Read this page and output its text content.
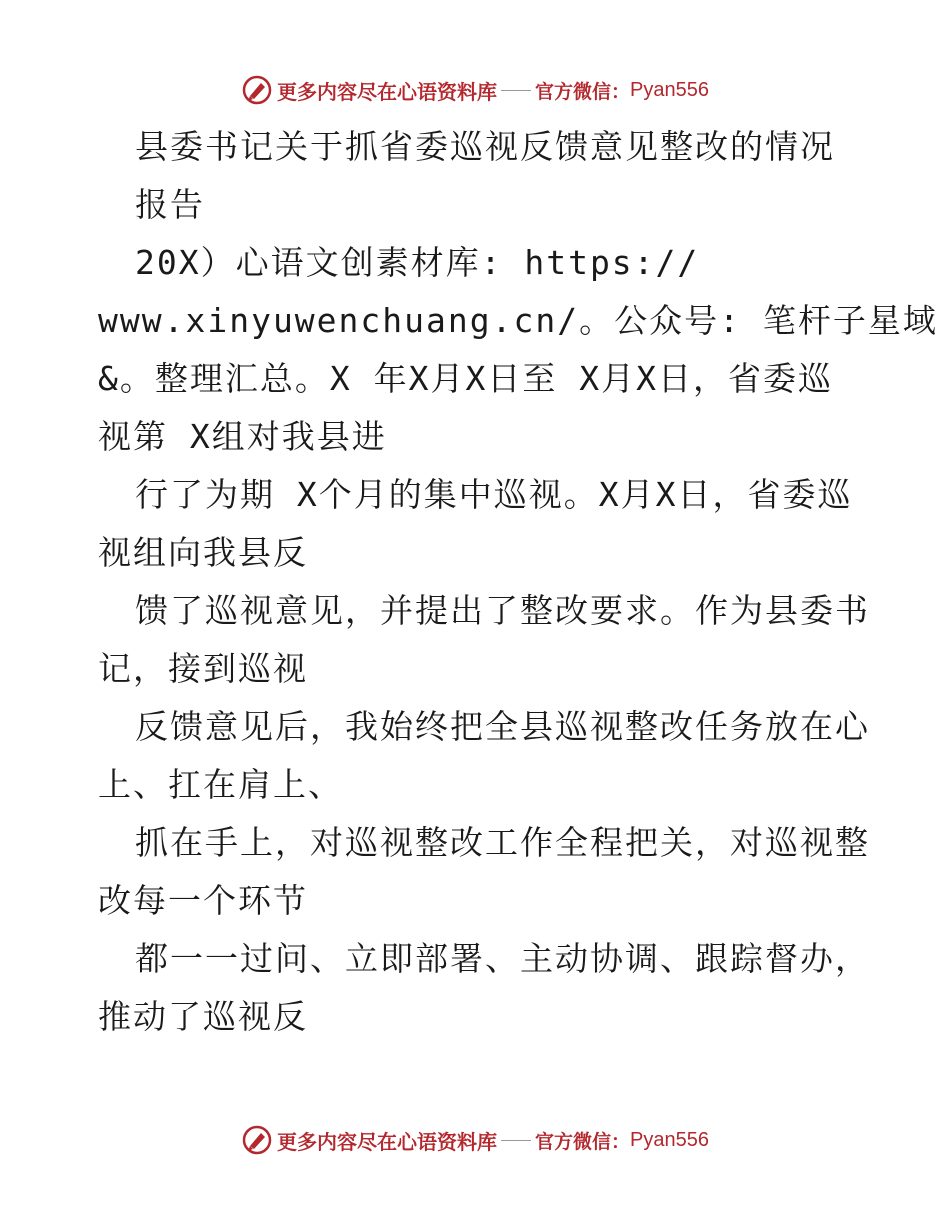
更多内容尽在心语资料库 官方微信： Pyan556
县委书记关于抓省委巡视反馈意见整改的情况
报告
20X）心语文创素材库: https://
www.xinyuwenchuang.cn/。公众号: 笔杆子星域
&。整理汇总。X 年X月X日至 X月X日，省委巡
视第 X组对我县进
行了为期 X个月的集中巡视。X月X日，省委巡
视组向我县反
馈了巡视意见，并提出了整改要求。作为县委书
记，接到巡视
反馈意见后，我始终把全县巡视整改任务放在心
上、扛在肩上、
抓在手上，对巡视整改工作全程把关，对巡视整
改每一个环节
都一一过问、立即部署、主动协调、跟踪督办，
推动了巡视反
更多内容尽在心语资料库 官方微信： Pyan556
